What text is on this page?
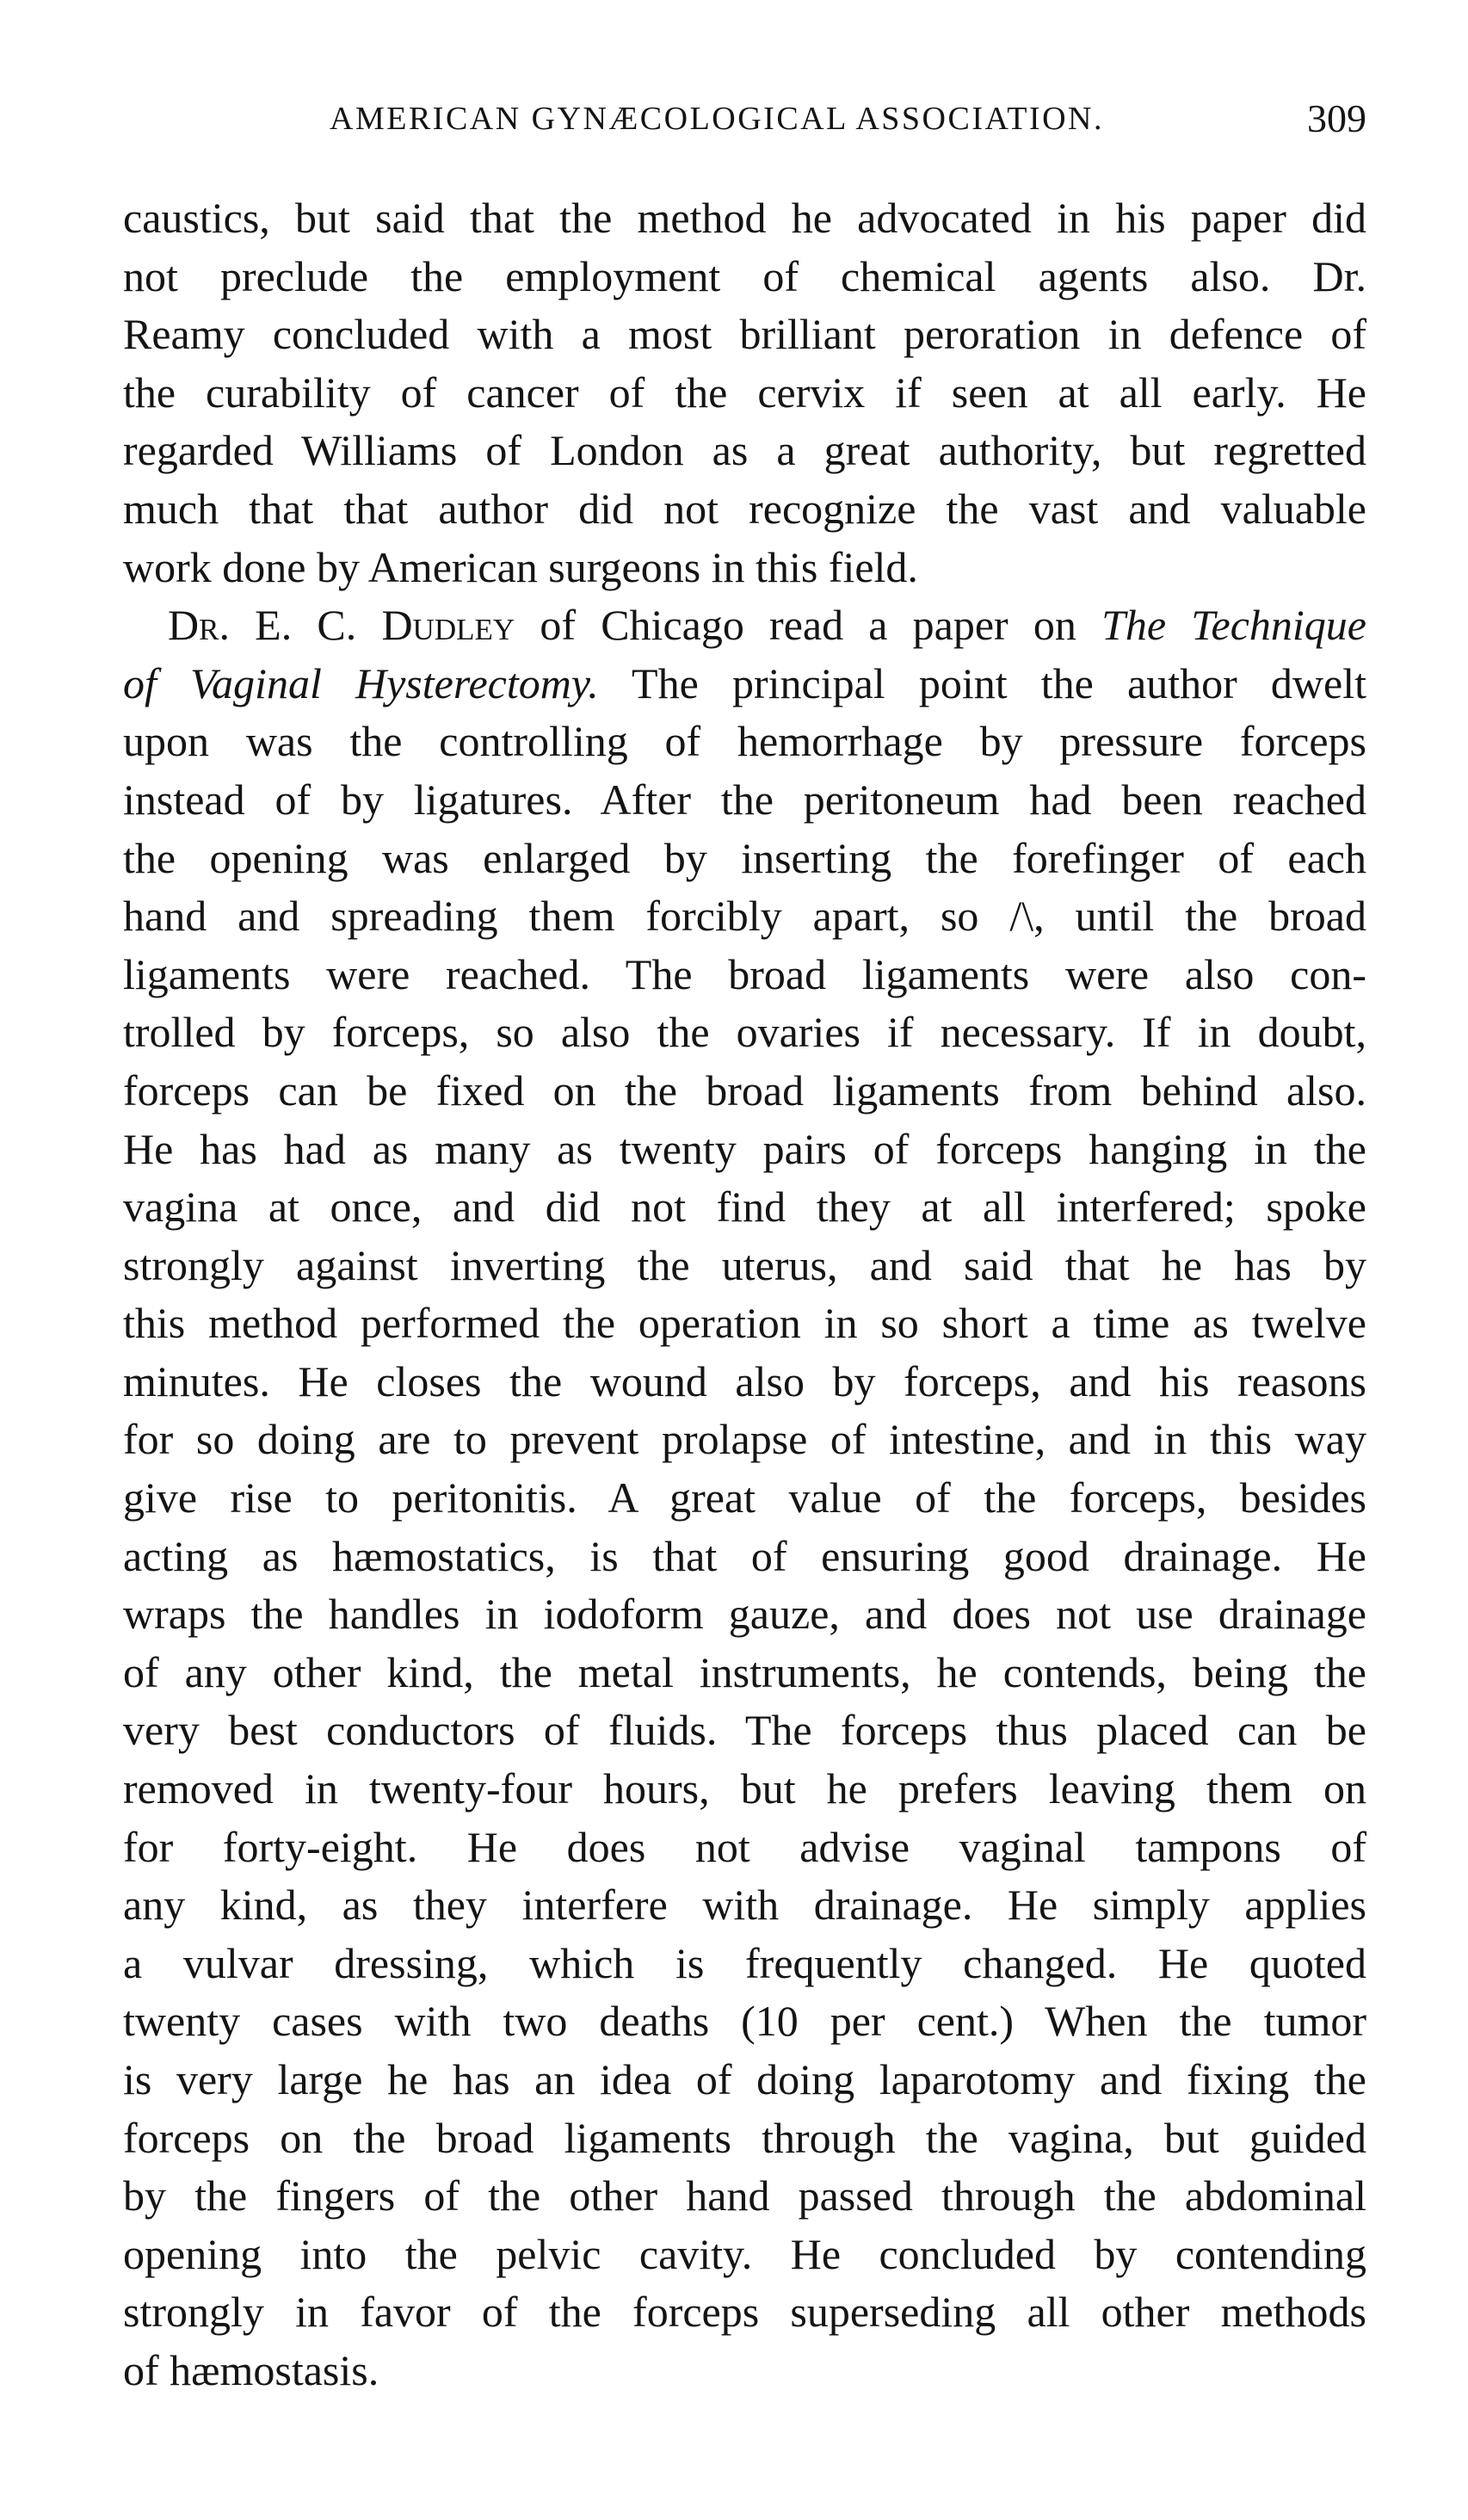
AMERICAN GYNÆCOLOGICAL ASSOCIATION.	309
caustics, but said that the method he advocated in his paper did
not preclude the employment of chemical agents also. Dr.
Reamy concluded with a most brilliant peroration in defence of
the curability of cancer of the cervix if seen at all early. He
regarded Williams of London as a great authority, but regretted
much that that author did not recognize the vast and valuable
work done by American surgeons in this field.
Dr. E. C. Dudley of Chicago read a paper on The Technique
of Vaginal Hysterectomy. The principal point the author dwelt
upon was the controlling of hemorrhage by pressure forceps
instead of by ligatures. After the peritoneum had been reached
the opening was enlarged by inserting the forefinger of each
hand and spreading them forcibly apart, so /\, until the broad
ligaments were reached. The broad ligaments were also con-
trolled by forceps, so also the ovaries if necessary. If in doubt,
forceps can be fixed on the broad ligaments from behind also.
He has had as many as twenty pairs of forceps hanging in the
vagina at once, and did not find they at all interfered; spoke
strongly against inverting the uterus, and said that he has by
this method performed the operation in so short a time as twelve
minutes. He closes the wound also by forceps, and his reasons
for so doing are to prevent prolapse of intestine, and in this way
give rise to peritonitis. A great value of the forceps, besides
acting as hæmostatics, is that of ensuring good drainage. He
wraps the handles in iodoform gauze, and does not use drainage
of any other kind, the metal instruments, he contends, being the
very best conductors of fluids. The forceps thus placed can be
removed in twenty-four hours, but he prefers leaving them on
for forty-eight. He does not advise vaginal tampons of
any kind, as they interfere with drainage. He simply applies
a vulvar dressing, which is frequently changed. He quoted
twenty cases with two deaths (10 per cent.) When the tumor
is very large he has an idea of doing laparotomy and fixing the
forceps on the broad ligaments through the vagina, but guided
by the fingers of the other hand passed through the abdominal
opening into the pelvic cavity. He concluded by contending
strongly in favor of the forceps superseding all other methods
of hæmostasis.
